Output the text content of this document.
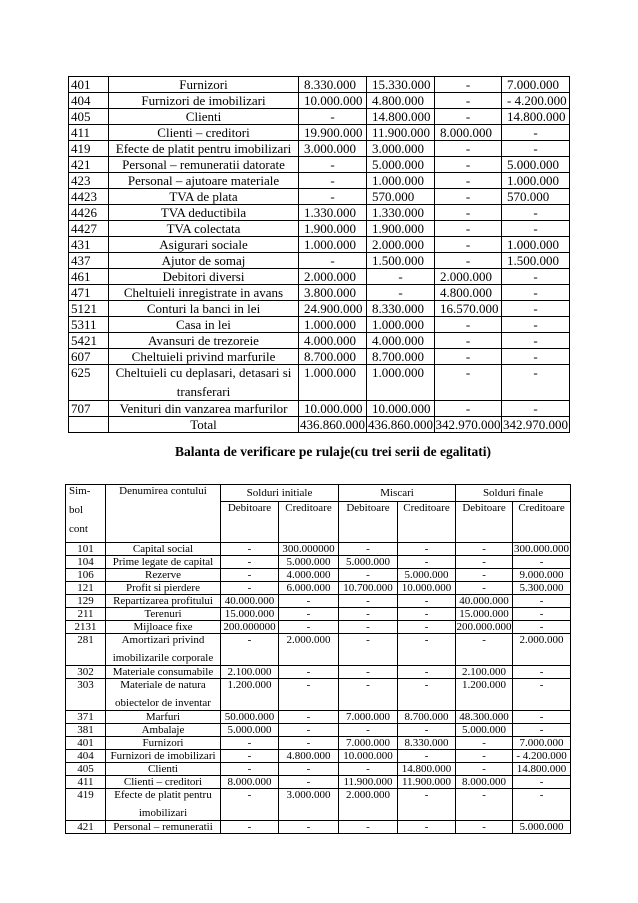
401	Furnizori	8.330.000	15.330.000	-	7.000.000
404	Furnizori de imobilizari	10.000.000	4.800.000	-	- 4.200.000
405	Clienti	-	14.800.000	-	14.800.000
411	Clienti – creditori	19.900.000	11.900.000	8.000.000	-
419	Efecte de platit pentru imobilizari	3.000.000	3.000.000	-	-
421	Personal – remuneratii datorate	-	5.000.000	-	5.000.000
423	Personal – ajutoare materiale	-	1.000.000	-	1.000.000
4423	TVA de plata	-	570.000	-	570.000
4426	TVA deductibila	1.330.000	1.330.000	-	-
4427	TVA colectata	1.900.000	1.900.000	-	-
431	Asigurari sociale	1.000.000	2.000.000	-	1.000.000
437	Ajutor de somaj	-	1.500.000	-	1.500.000
461	Debitori diversi	2.000.000	-	2.000.000	-
471	Cheltuieli inregistrate in avans	3.800.000	-	4.800.000	-
5121	Conturi la banci in lei	24.900.000	8.330.000	16.570.000	-
5311	Casa in lei	1.000.000	1.000.000	-	-
5421	Avansuri de trezoreie	4.000.000	4.000.000	-	-
607	Cheltuieli privind marfurile	8.700.000	8.700.000	-	-
625	Cheltuieli cu deplasari, detasari si
transferari	1.000.000	1.000.000	-	-
707	Venituri din vanzarea marfurilor	10.000.000	10.000.000	-	-
	Total	436.860.000	436.860.000	342.970.000	342.970.000
Balanta de verificare pe rulaje(cu trei serii de egalitati)
Sim-
bol
cont	Denumirea contului	Solduri initiale		Miscari		Solduri finale	
		Debitoare	Creditoare	Debitoare	Creditoare	Debitoare	Creditoare
101	Capital social	-	300.000000	-	-	-	300.000.000
104	Prime legate de capital	-	5.000.000	5.000.000	-	-	-
106	Rezerve	-	4.000.000	-	5.000.000	-	9.000.000
121	Profit si pierdere	-	6.000.000	10.700.000	10.000.000	-	5.300.000
129	Repartizarea profitului	40.000.000	-	-	-	40.000.000	-
211	Terenuri	15.000.000	-	-	-	15.000.000	-
2131	Mijloace fixe	200.000000	-	-	-	200.000.000	-
281	Amortizari privind
imobilizarile corporale	-	2.000.000	-	-	-	2.000.000
302	Materiale consumabile	2.100.000	-	-	-	2.100.000	-
303	Materiale de natura
obiectelor de inventar	1.200.000	-	-	-	1.200.000	-
371	Marfuri	50.000.000	-	7.000.000	8.700.000	48.300.000	-
381	Ambalaje	5.000.000	-	-	-	5.000.000	-
401	Furnizori	-	-	7.000.000	8.330.000	-	7.000.000
404	Furnizori de imobilizari	-	4.800.000	10.000.000	-	-	- 4.200.000
405	Clienti	-	-	-	14.800.000	-	14.800.000
411	Clienti – creditori	8.000.000	-	11.900.000	11.900.000	8.000.000	-
419	Efecte de platit pentru
imobilizari	-	3.000.000	2.000.000	-	-	-
421	Personal – remuneratii	-	-	-	-	-	5.000.000
